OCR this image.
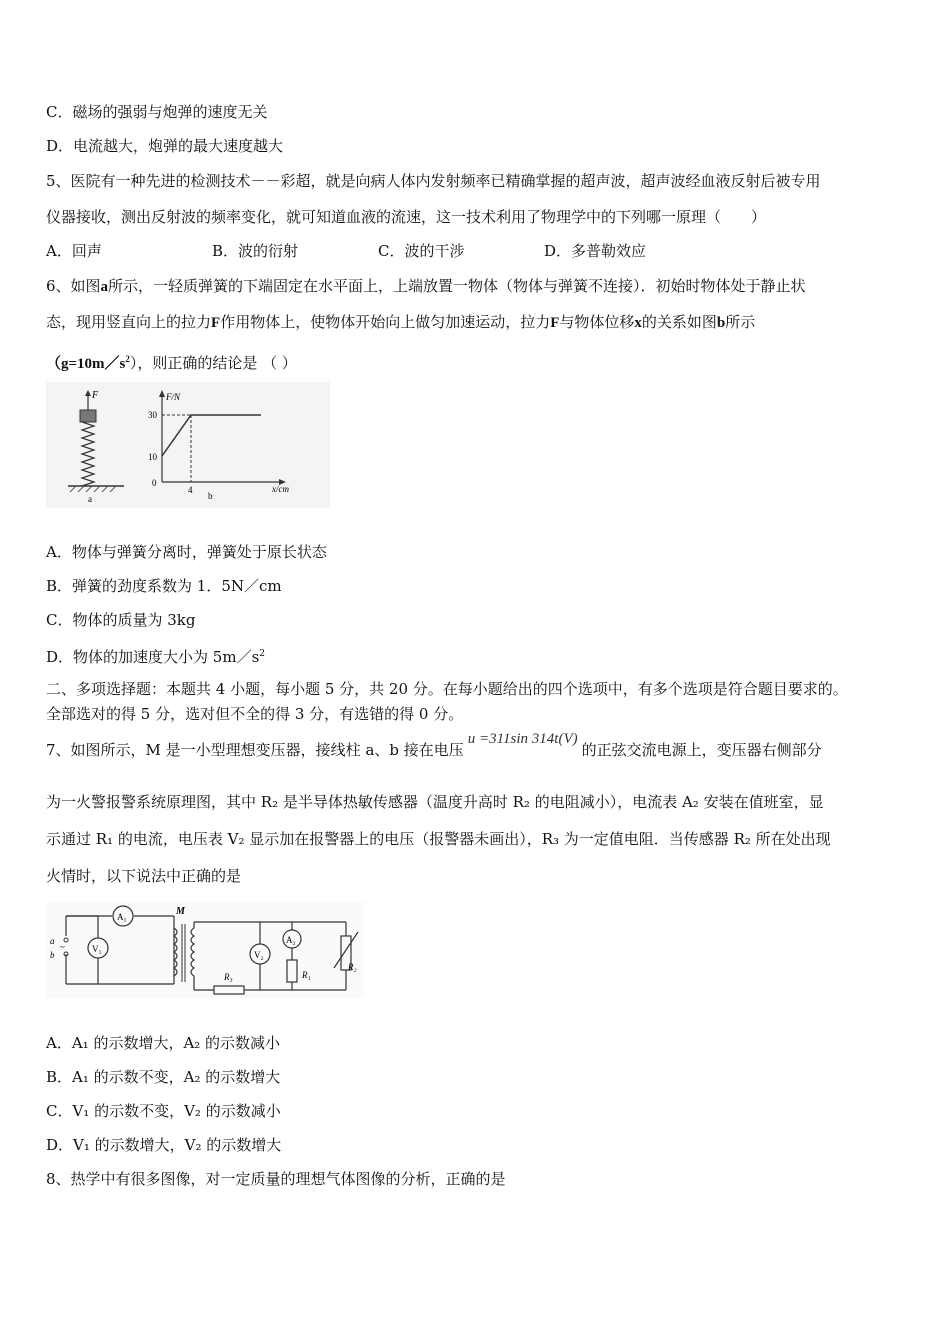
C．磁场的强弱与炮弹的速度无关
D．电流越大，炮弹的最大速度越大
5、医院有一种先进的检测技术－－彩超，就是向病人体内发射频率已精确掌握的超声波，超声波经血液反射后被专用
仪器接收，测出反射波的频率变化，就可知道血液的流速，这一技术利用了物理学中的下列哪一原理（　　）
A．回声	B．波的衍射	C．波的干涉	D．多普勒效应
6、如图a所示，一轻质弹簧的下端固定在水平面上，上端放置一物体（物体与弹簧不连接）．初始时物体处于静止状
态，现用竖直向上的拉力F作用物体上，使物体开始向上做匀加速运动，拉力F与物体位移x的关系如图b所示
$(g=10m/s^2)$，则正确的结论是 （ ）
F
a
F/N
x/cm
30
10
0
4
b
A．物体与弹簧分离时，弹簧处于原长状态
B．弹簧的劲度系数为 1．5N／cm
C．物体的质量为 3kg
D．物体的加速度大小为 $5m/s^2$
二、多项选择题：本题共 4 小题，每小题 5 分，共 20 分。在每小题给出的四个选项中，有多个选项是符合题目要求的。
全部选对的得 5 分，选对但不全的得 3 分，有选错的得 0 分。
7、如图所示，M 是一小型理想变压器，接线柱 a、b 接在电压u =311sin 314t(V)的正弦交流电源上，变压器右侧部分
为一火警报警系统原理图，其中 R₂ 是半导体热敏传感器（温度升高时 R₂ 的电阻减小），电流表 A₂ 安装在值班室，显
示通过 R₁ 的电流，电压表 V₂ 显示加在报警器上的电压（报警器未画出），R₃ 为一定值电阻．当传感器 R₂ 所在处出现
火情时，以下说法中正确的是
a
b
~
A₁
V₁
M
V₂
A₂
R₁
R₂
R₃
A．A₁ 的示数增大，A₂ 的示数减小
B．A₁ 的示数不变，A₂ 的示数增大
C．V₁ 的示数不变，V₂ 的示数减小
D．V₁ 的示数增大，V₂ 的示数增大
8、热学中有很多图像，对一定质量的理想气体图像的分析，正确的是
